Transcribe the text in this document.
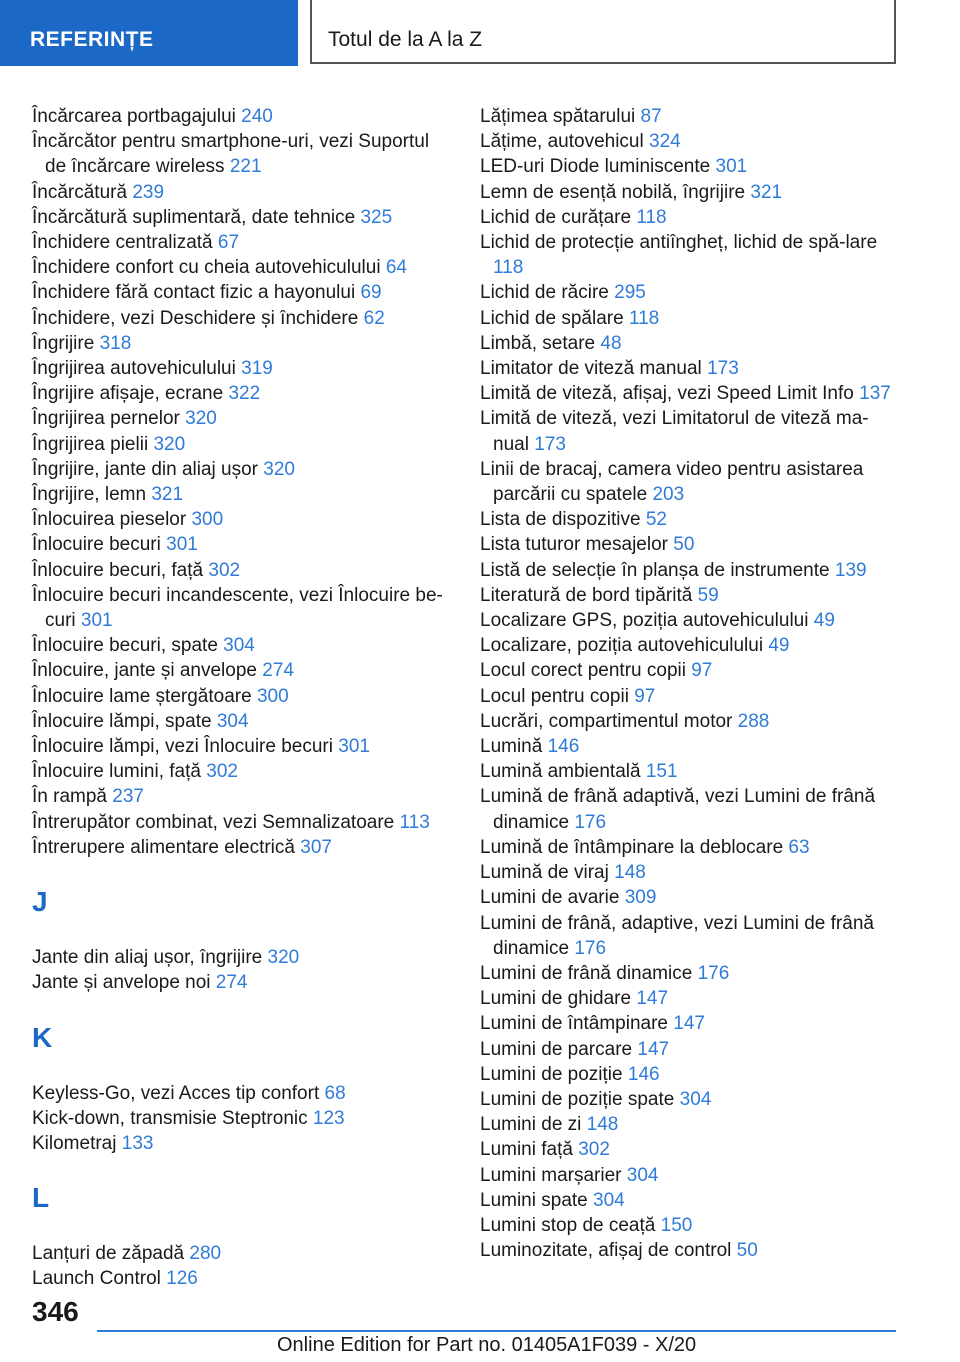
REFERINȚE	Totul de la A la Z
Încărcarea portbagajului 240
Încărcător pentru smartphone-uri, vezi Suportul de încărcare wireless 221
Încărcătură 239
Încărcătură suplimentară, date tehnice 325
Închidere centralizată 67
Închidere confort cu cheia autovehiculului 64
Închidere fără contact fizic a hayonului 69
Închidere, vezi Deschidere și închidere 62
Îngrijire 318
Îngrijirea autovehiculului 319
Îngrijire afișaje, ecrane 322
Îngrijirea pernelor 320
Îngrijirea pielii 320
Îngrijire, jante din aliaj ușor 320
Îngrijire, lemn 321
Înlocuirea pieselor 300
Înlocuire becuri 301
Înlocuire becuri, față 302
Înlocuire becuri incandescente, vezi Înlocuire be-curi 301
Înlocuire becuri, spate 304
Înlocuire, jante și anvelope 274
Înlocuire lame ștergătoare 300
Înlocuire lămpi, spate 304
Înlocuire lămpi, vezi Înlocuire becuri 301
Înlocuire lumini, față 302
În rampă 237
Întrerupător combinat, vezi Semnalizatoare 113
Întrerupere alimentare electrică 307
J
Jante din aliaj ușor, îngrijire 320
Jante și anvelope noi 274
K
Keyless-Go, vezi Acces tip confort 68
Kick-down, transmisie Steptronic 123
Kilometraj 133
L
Lanțuri de zăpadă 280
Launch Control 126
Lățimea spătarului 87
Lățime, autovehicul 324
LED-uri Diode luminiscente 301
Lemn de esență nobilă, îngrijire 321
Lichid de curățare 118
Lichid de protecție antiîngheț, lichid de spă-lare 118
Lichid de răcire 295
Lichid de spălare 118
Limbă, setare 48
Limitator de viteză manual 173
Limită de viteză, afișaj, vezi Speed Limit Info 137
Limită de viteză, vezi Limitatorul de viteză ma-nual 173
Linii de bracaj, camera video pentru asistarea parcării cu spatele 203
Lista de dispozitive 52
Lista tuturor mesajelor 50
Listă de selecție în planșa de instrumente 139
Literatură de bord tipărită 59
Localizare GPS, poziția autovehiculului 49
Localizare, poziția autovehiculului 49
Locul corect pentru copii 97
Locul pentru copii 97
Lucrări, compartimentul motor 288
Lumină 146
Lumină ambientală 151
Lumină de frână adaptivă, vezi Lumini de frână dinamice 176
Lumină de întâmpinare la deblocare 63
Lumină de viraj 148
Lumini de avarie 309
Lumini de frână, adaptive, vezi Lumini de frână dinamice 176
Lumini de frână dinamice 176
Lumini de ghidare 147
Lumini de întâmpinare 147
Lumini de parcare 147
Lumini de poziție 146
Lumini de poziție spate 304
Lumini de zi 148
Lumini față 302
Lumini marșarier 304
Lumini spate 304
Lumini stop de ceață 150
Luminozitate, afișaj de control 50
346
Online Edition for Part no. 01405A1F039 - X/20
